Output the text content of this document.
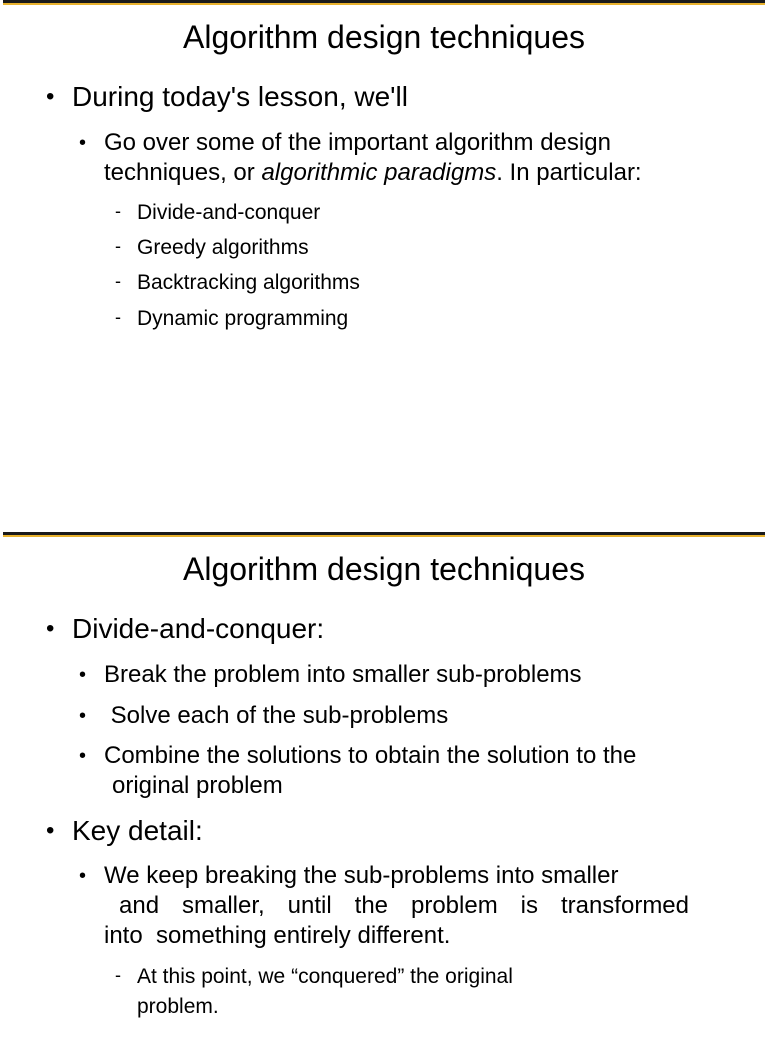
Algorithm design techniques
• During today's lesson, we'll
• Go over some of the important algorithm design
techniques, or algorithmic paradigms. In particular:
- Divide-and-conquer
- Greedy algorithms
- Backtracking algorithms
- Dynamic programming
Algorithm design techniques
• Divide-and-conquer:
• Break the problem into smaller sub-problems
• Solve each of the sub-problems
• Combine the solutions to obtain the solution to the
original problem
• Key detail:
• We keep breaking the sub-problems into smaller
and smaller, until the problem is transformed
into  something entirely different.
- At this point, we “conquered” the original
problem.
